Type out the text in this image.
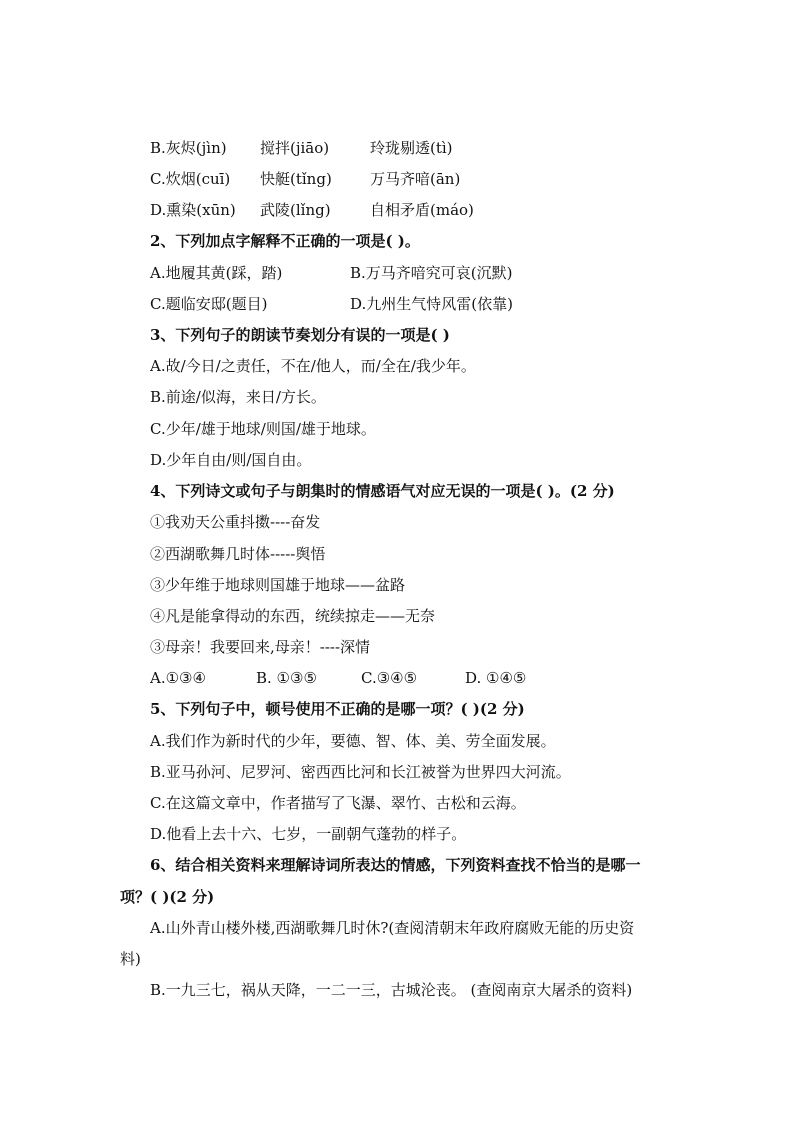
B.灰烬(jìn) 搅拌(jiāo)	玲珑剔透(tì)
C.炊烟(cuī) 快艇(tǐng)	万马齐喑(ān)
D.熏染(xūn) 武陵(lǐng)	自相矛盾(máo)
2、下列加点字解释不正确的一项是( )。
A.地履其黄(踩，踏)	B.万马齐喑究可哀(沉默)
C.题临安邸(题目)	D.九州生气恃风雷(依靠)
3、下列句子的朗读节奏划分有误的一项是( )
A.故/今日/之责任，不在/他人，而/全在/我少年。
B.前途/似海，来日/方长。
C.少年/雄于地球/则国/雄于地球。
D.少年自由/则/国自由。
4、下列诗文或句子与朗集时的情感语气对应无误的一项是( )。(2 分)
①我劝天公重抖擞----奋发
②西湖歌舞几时体-----舆悟
③少年维于地球则国雄于地球——盆路
④凡是能拿得动的东西，统续掠走——无奈
③母亲！我要回来,母亲！----深情
A.①③④	B. ①③⑤	C.③④⑤	D. ①④⑤
5、下列句子中，顿号使用不正确的是哪一项？( )(2 分)
A.我们作为新时代的少年，要德、智、体、美、劳全面发展。
B.亚马孙河、尼罗河、密西西比河和长江被誉为世界四大河流。
C.在这篇文章中，作者描写了飞瀑、翠竹、古松和云海。
D.他看上去十六、七岁，一副朝气蓬勃的样子。
6、结合相关资料来理解诗词所表达的情感，下列资料查找不恰当的是哪一
项？( )(2 分)
A.山外青山楼外楼,西湖歌舞几时休?(查阅清朝末年政府腐败无能的历史资
料)
B.一九三七，祸从天降，一二一三，古城沦丧。 (查阅南京大屠杀的资料)
